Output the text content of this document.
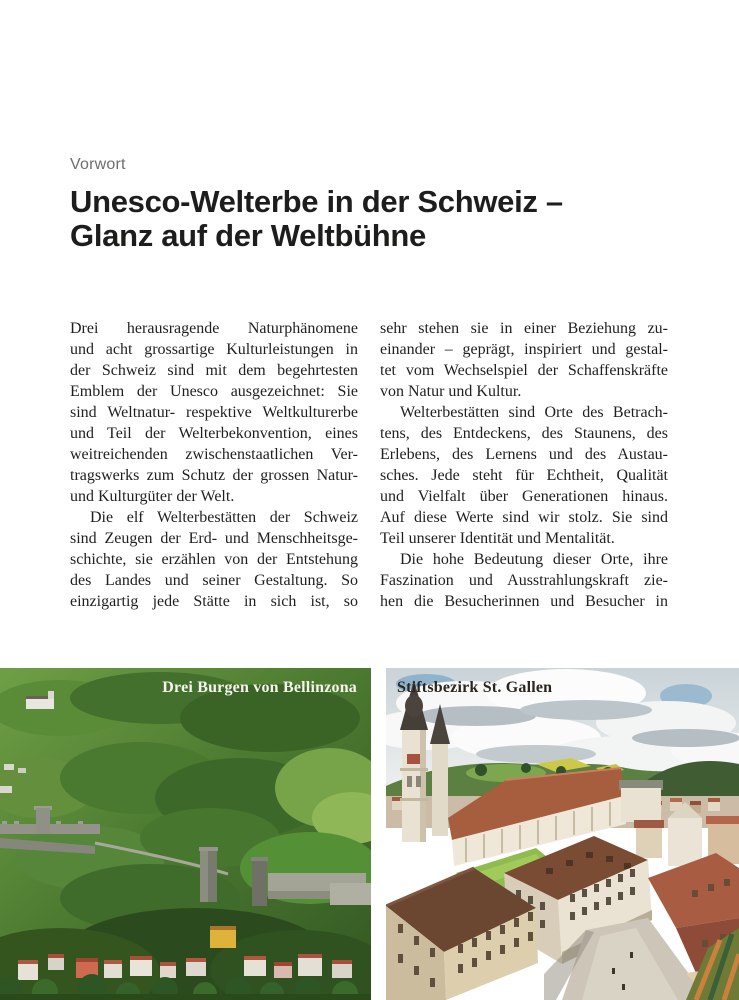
Vorwort
Unesco-Welterbe in der Schweiz –
Glanz auf der Weltbühne
Drei herausragende Naturphänomene
und acht grossartige Kulturleistungen in
der Schweiz sind mit dem begehrtesten
Emblem der Unesco ausgezeichnet: Sie
sind Weltnatur- respektive Weltkulturerbe
und Teil der Welterbekonvention, eines
weitreichenden zwischenstaatlichen Ver-
tragswerks zum Schutz der grossen Natur-
und Kulturgüter der Welt.
Die elf Welterbestätten der Schweiz
sind Zeugen der Erd- und Menschheitsge-
schichte, sie erzählen von der Entstehung
des Landes und seiner Gestaltung. So
einzigartig jede Stätte in sich ist, so
sehr stehen sie in einer Beziehung zu-
einander – geprägt, inspiriert und gestal-
tet vom Wechselspiel der Schaffenskräfte
von Natur und Kultur.
Welterbestätten sind Orte des Betrach-
tens, des Entdeckens, des Staunens, des
Erlebens, des Lernens und des Austau-
sches. Jede steht für Echtheit, Qualität
und Vielfalt über Generationen hinaus.
Auf diese Werte sind wir stolz. Sie sind
Teil unserer Identität und Mentalität.
Die hohe Bedeutung dieser Orte, ihre
Faszination und Ausstrahlungskraft zie-
hen die Besucherinnen und Besucher in
Drei Burgen von Bellinzona	Stiftsbezirk St. Gallen
